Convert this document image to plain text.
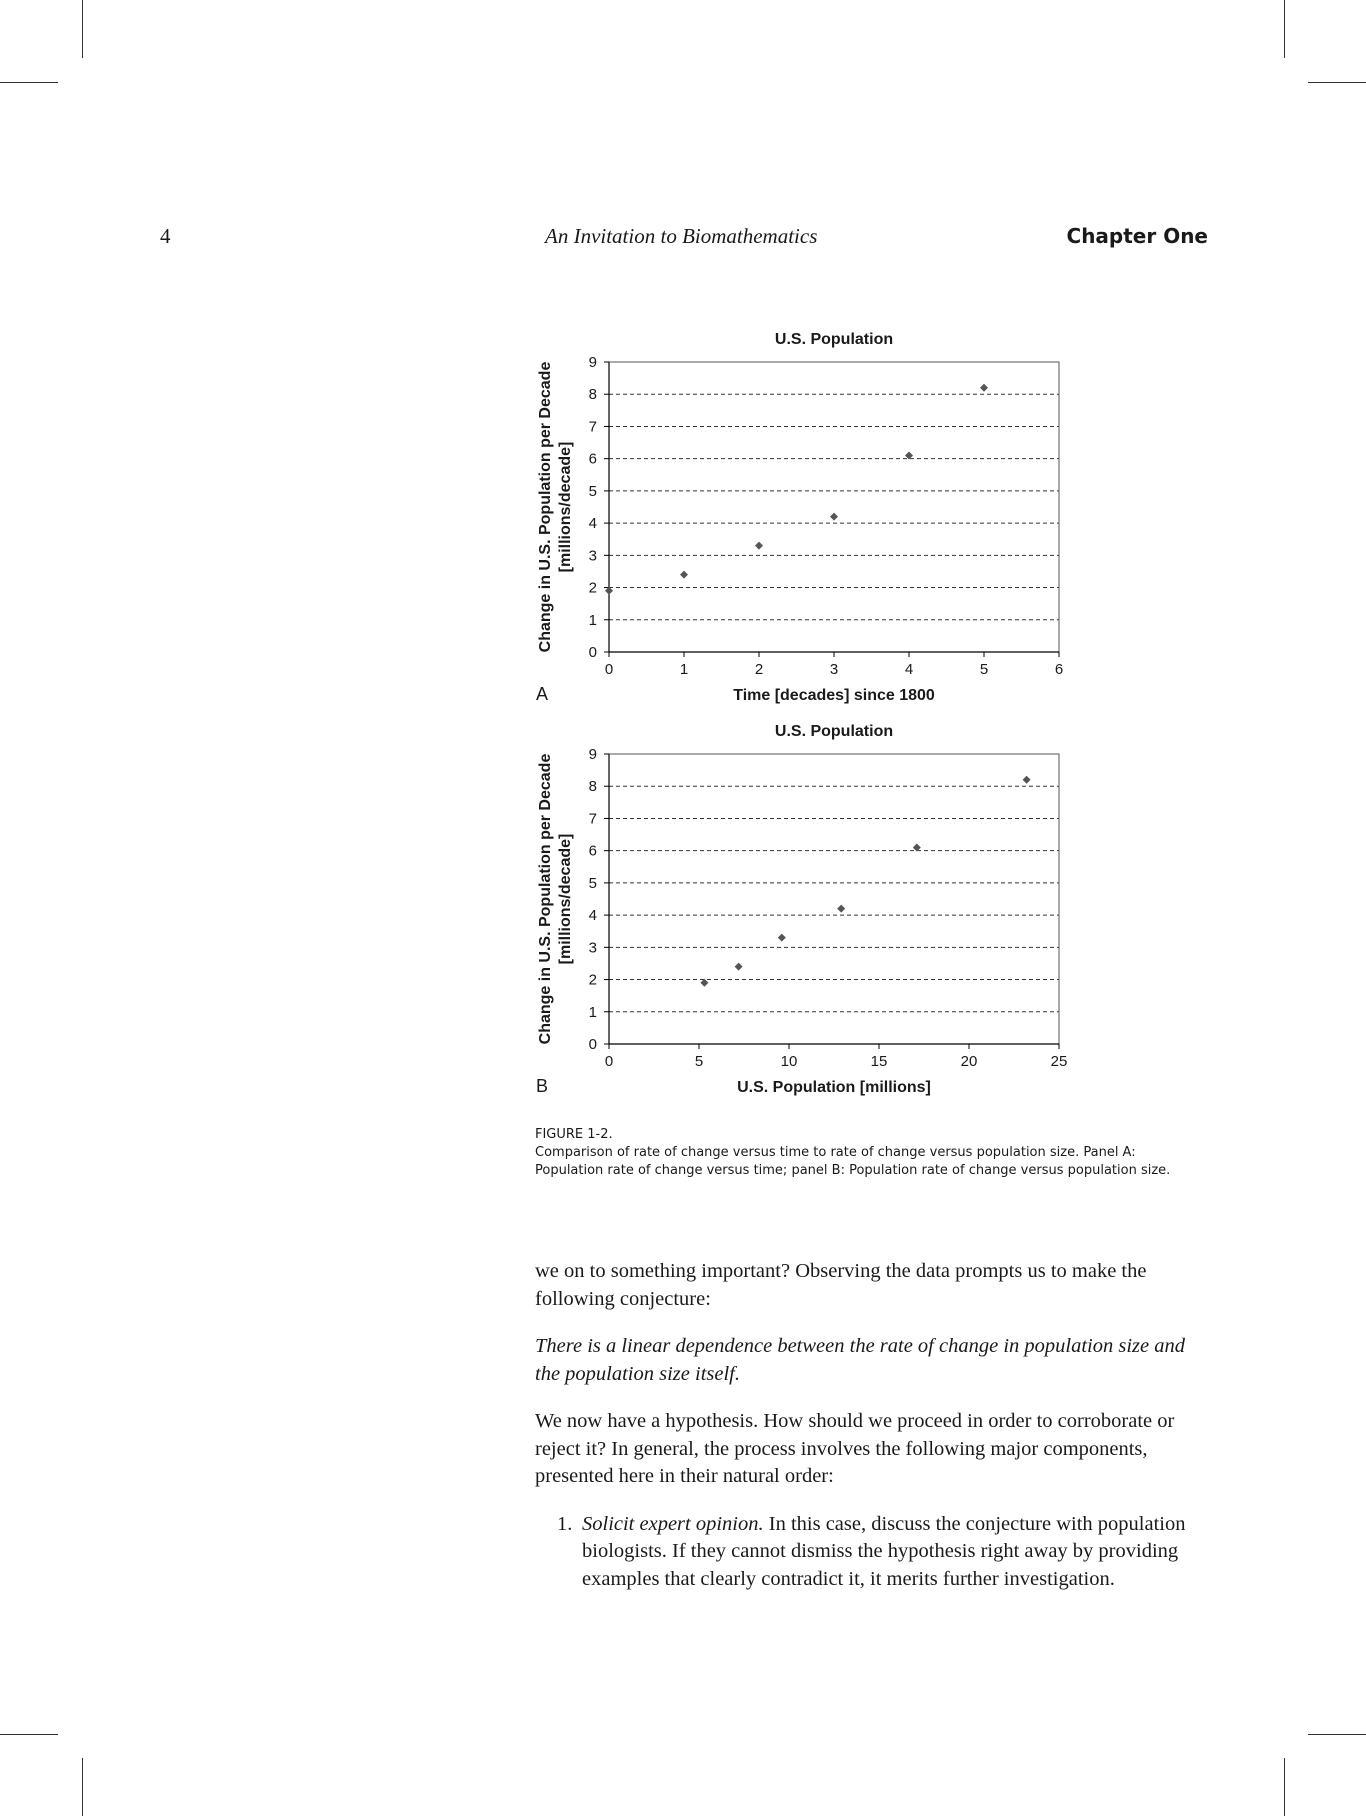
4	An Invitation to Biomathematics	Chapter One
U.S. Population
0
1
2
3
4
5
6
7
8
9
0	1	2	3	4	5	6
Time [decades] since 1800
Change in U.S. Population per Decade [millions/decade]
A
U.S. Population
0
1
2
3
4
5
6
7
8
9
0	5	10	15	20	25
U.S. Population [millions]
Change in U.S. Population per Decade [millions/decade]
B
FIGURE 1-2.
Comparison of rate of change versus time to rate of change versus population size. Panel A:
Population rate of change versus time; panel B: Population rate of change versus population size.

we on to something important? Observing the data prompts us to make the following conjecture:

There is a linear dependence between the rate of change in population size and the population size itself.

We now have a hypothesis. How should we proceed in order to corroborate or reject it? In general, the process involves the following major components, presented here in their natural order:

1. Solicit expert opinion. In this case, discuss the conjecture with population biologists. If they cannot dismiss the hypothesis right away by providing examples that clearly contradict it, it merits further investigation.
